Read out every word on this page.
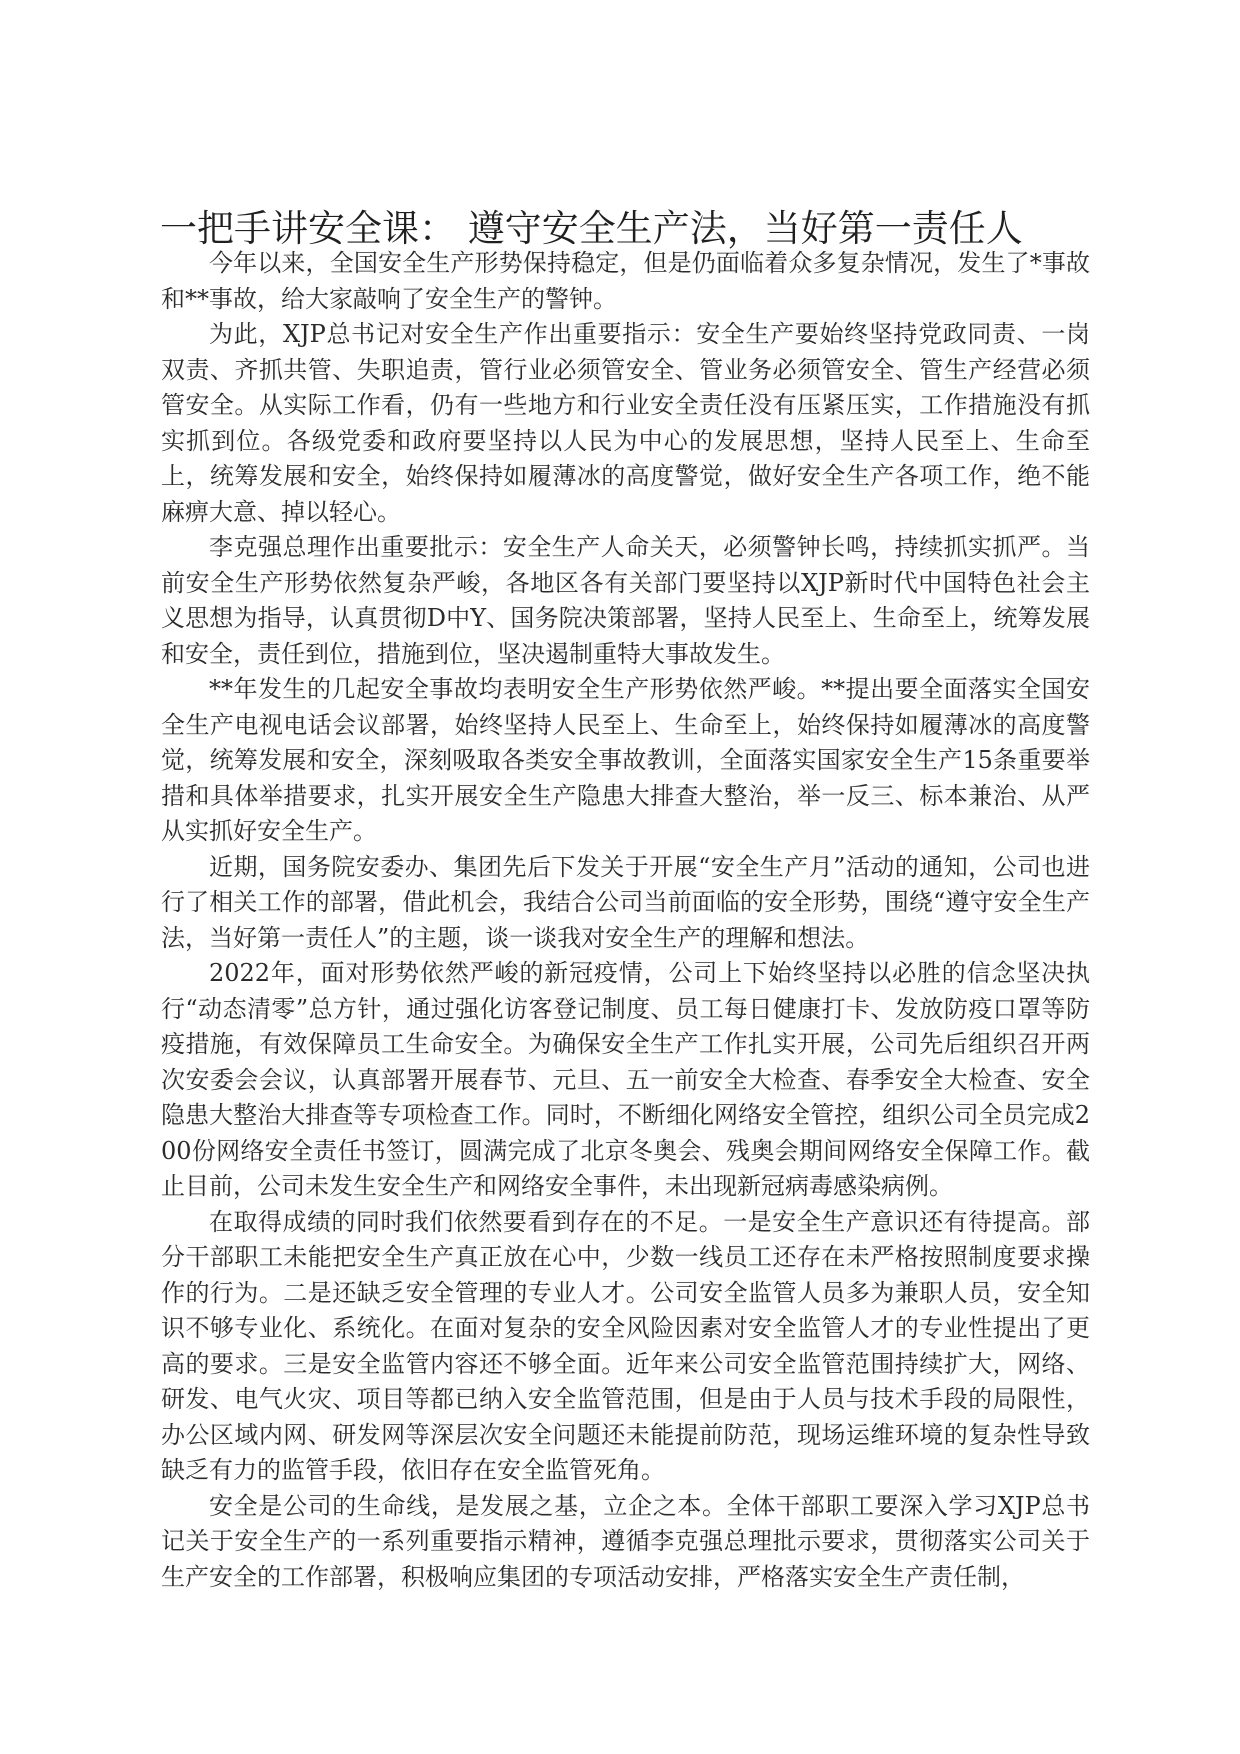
一把手讲安全课： 遵守安全生产法，当好第一责任人

今年以来，全国安全生产形势保持稳定，但是仍面临着众多复杂情况，发生了*事故和**事故，给大家敲响了安全生产的警钟。

为此，XJP总书记对安全生产作出重要指示：安全生产要始终坚持党政同责、一岗双责、齐抓共管、失职追责，管行业必须管安全、管业务必须管安全、管生产经营必须管安全。从实际工作看，仍有一些地方和行业安全责任没有压紧压实，工作措施没有抓实抓到位。各级党委和政府要坚持以人民为中心的发展思想，坚持人民至上、生命至上，统筹发展和安全，始终保持如履薄冰的高度警觉，做好安全生产各项工作，绝不能麻痹大意、掉以轻心。

李克强总理作出重要批示：安全生产人命关天，必须警钟长鸣，持续抓实抓严。当前安全生产形势依然复杂严峻，各地区各有关部门要坚持以XJP新时代中国特色社会主义思想为指导，认真贯彻D中Y、国务院决策部署，坚持人民至上、生命至上，统筹发展和安全，责任到位，措施到位，坚决遏制重特大事故发生。

**年发生的几起安全事故均表明安全生产形势依然严峻。**提出要全面落实全国安全生产电视电话会议部署，始终坚持人民至上、生命至上，始终保持如履薄冰的高度警觉，统筹发展和安全，深刻吸取各类安全事故教训，全面落实国家安全生产15条重要举措和具体举措要求，扎实开展安全生产隐患大排查大整治，举一反三、标本兼治、从严从实抓好安全生产。

近期，国务院安委办、集团先后下发关于开展“安全生产月”活动的通知，公司也进行了相关工作的部署，借此机会，我结合公司当前面临的安全形势，围绕“遵守安全生产法，当好第一责任人”的主题，谈一谈我对安全生产的理解和想法。

2022年，面对形势依然严峻的新冠疫情，公司上下始终坚持以必胜的信念坚决执行“动态清零”总方针，通过强化访客登记制度、员工每日健康打卡、发放防疫口罩等防疫措施，有效保障员工生命安全。为确保安全生产工作扎实开展，公司先后组织召开两次安委会会议，认真部署开展春节、元旦、五一前安全大检查、春季安全大检查、安全隐患大整治大排查等专项检查工作。同时，不断细化网络安全管控，组织公司全员完成200份网络安全责任书签订，圆满完成了北京冬奥会、残奥会期间网络安全保障工作。截止目前，公司未发生安全生产和网络安全事件，未出现新冠病毒感染病例。

在取得成绩的同时我们依然要看到存在的不足。一是安全生产意识还有待提高。部分干部职工未能把安全生产真正放在心中，少数一线员工还存在未严格按照制度要求操作的行为。二是还缺乏安全管理的专业人才。公司安全监管人员多为兼职人员，安全知识不够专业化、系统化。在面对复杂的安全风险因素对安全监管人才的专业性提出了更高的要求。三是安全监管内容还不够全面。近年来公司安全监管范围持续扩大，网络、研发、电气火灾、项目等都已纳入安全监管范围，但是由于人员与技术手段的局限性，办公区域内网、研发网等深层次安全问题还未能提前防范，现场运维环境的复杂性导致缺乏有力的监管手段，依旧存在安全监管死角。

安全是公司的生命线，是发展之基，立企之本。全体干部职工要深入学习XJP总书记关于安全生产的一系列重要指示精神，遵循李克强总理批示要求，贯彻落实公司关于生产安全的工作部署，积极响应集团的专项活动安排，严格落实安全生产责任制，
